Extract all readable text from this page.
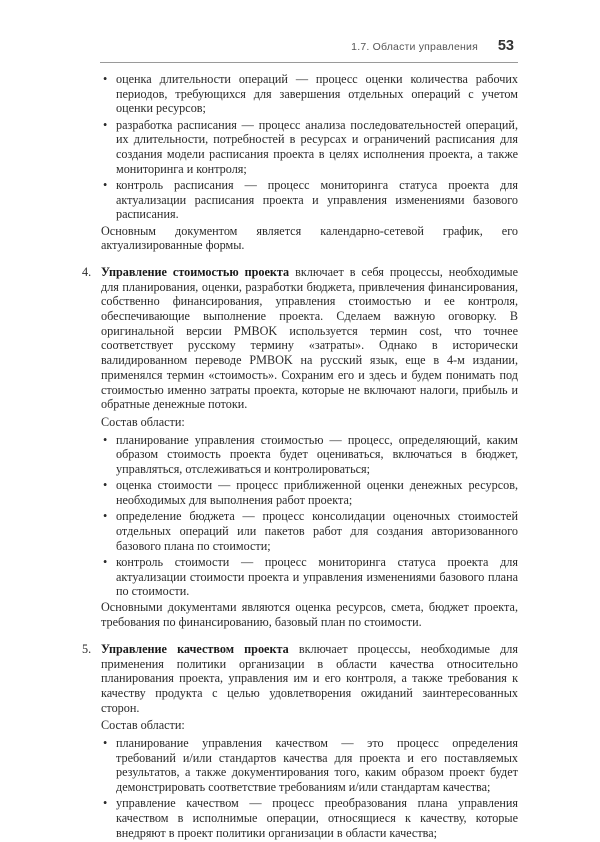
1.7. Области управления 53
• оценка длительности операций — процесс оценки количества рабочих периодов, требующихся для завершения отдельных операций с учетом оценки ресурсов;
• разработка расписания — процесс анализа последовательностей операций, их длительности, потребностей в ресурсах и ограничений расписания для создания модели расписания проекта в целях исполнения проекта, а также мониторинга и контроля;
• контроль расписания — процесс мониторинга статуса проекта для актуализации расписания проекта и управления изменениями базового расписания.

Основным документом является календарно-сетевой график, его актуализированные формы.

4. Управление стоимостью проекта включает в себя процессы, необходимые для планирования, оценки, разработки бюджета, привлечения финансирования, собственно финансирования, управления стоимостью и ее контроля, обеспечивающие выполнение проекта. Сделаем важную оговорку. В оригинальной версии PMBOK используется термин cost, что точнее соответствует русскому термину «затраты». Однако в исторически валидированном переводе PMBOK на русский язык, еще в 4-м издании, применялся термин «стоимость». Сохраним его и здесь и будем понимать под стоимостью именно затраты проекта, которые не включают налоги, прибыль и обратные денежные потоки.

Состав области:

• планирование управления стоимостью — процесс, определяющий, каким образом стоимость проекта будет оцениваться, включаться в бюджет, управляться, отслеживаться и контролироваться;
• оценка стоимости — процесс приближенной оценки денежных ресурсов, необходимых для выполнения работ проекта;
• определение бюджета — процесс консолидации оценочных стоимостей отдельных операций или пакетов работ для создания авторизованного базового плана по стоимости;
• контроль стоимости — процесс мониторинга статуса проекта для актуализации стоимости проекта и управления изменениями базового плана по стоимости.

Основными документами являются оценка ресурсов, смета, бюджет проекта, требования по финансированию, базовый план по стоимости.

5. Управление качеством проекта включает процессы, необходимые для применения политики организации в области качества относительно планирования проекта, управления им и его контроля, а также требования к качеству продукта с целью удовлетворения ожиданий заинтересованных сторон.

Состав области:

• планирование управления качеством — это процесс определения требований и/или стандартов качества для проекта и его поставляемых результатов, а также документирования того, каким образом проект будет демонстрировать соответствие требованиям и/или стандартам качества;
• управление качеством — процесс преобразования плана управления качеством в исполнимые операции, относящиеся к качеству, которые внедряют в проект политики организации в области качества;
